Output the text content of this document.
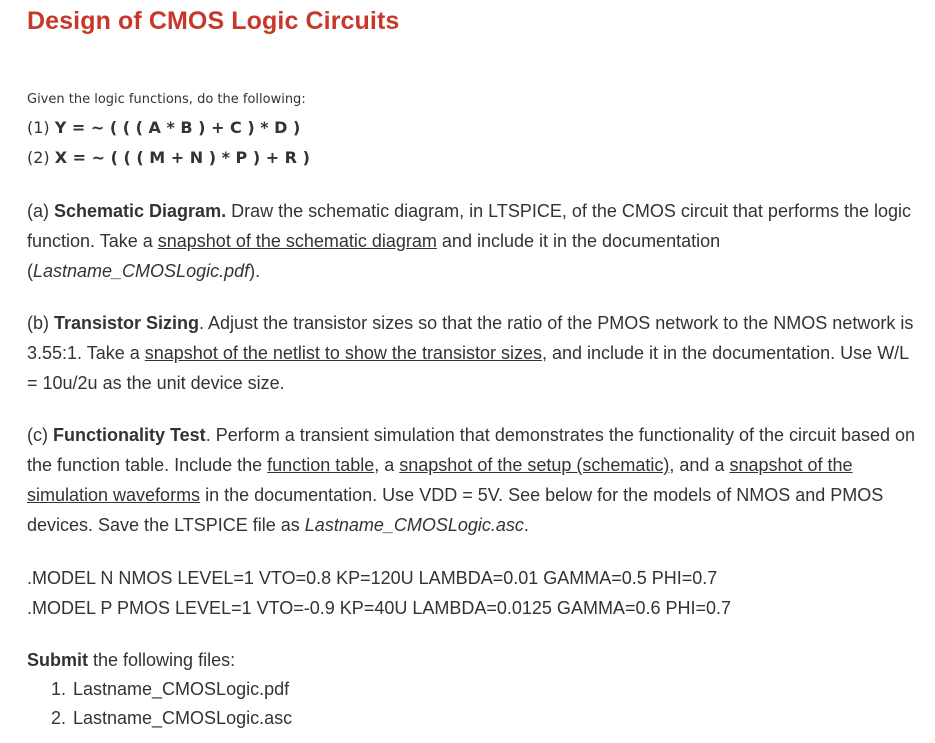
Design of CMOS Logic Circuits
Given the logic functions, do the following:
(1) Y = ~ ( ( ( A * B ) + C ) * D )
(2) X = ~ ( ( ( M + N ) * P ) + R )

(a) Schematic Diagram. Draw the schematic diagram, in LTSPICE, of the CMOS circuit that performs the logic function. Take a snapshot of the schematic diagram and include it in the documentation (Lastname_CMOSLogic.pdf).

(b) Transistor Sizing. Adjust the transistor sizes so that the ratio of the PMOS network to the NMOS network is 3.55:1. Take a snapshot of the netlist to show the transistor sizes, and include it in the documentation. Use W/L = 10u/2u as the unit device size.

(c) Functionality Test. Perform a transient simulation that demonstrates the functionality of the circuit based on the function table. Include the function table, a snapshot of the setup (schematic), and a snapshot of the simulation waveforms in the documentation. Use VDD = 5V. See below for the models of NMOS and PMOS devices. Save the LTSPICE file as Lastname_CMOSLogic.asc.

.MODEL N NMOS LEVEL=1 VTO=0.8 KP=120U LAMBDA=0.01 GAMMA=0.5 PHI=0.7
.MODEL P PMOS LEVEL=1 VTO=-0.9 KP=40U LAMBDA=0.0125 GAMMA=0.6 PHI=0.7

Submit the following files:

1. Lastname_CMOSLogic.pdf
2. Lastname_CMOSLogic.asc
